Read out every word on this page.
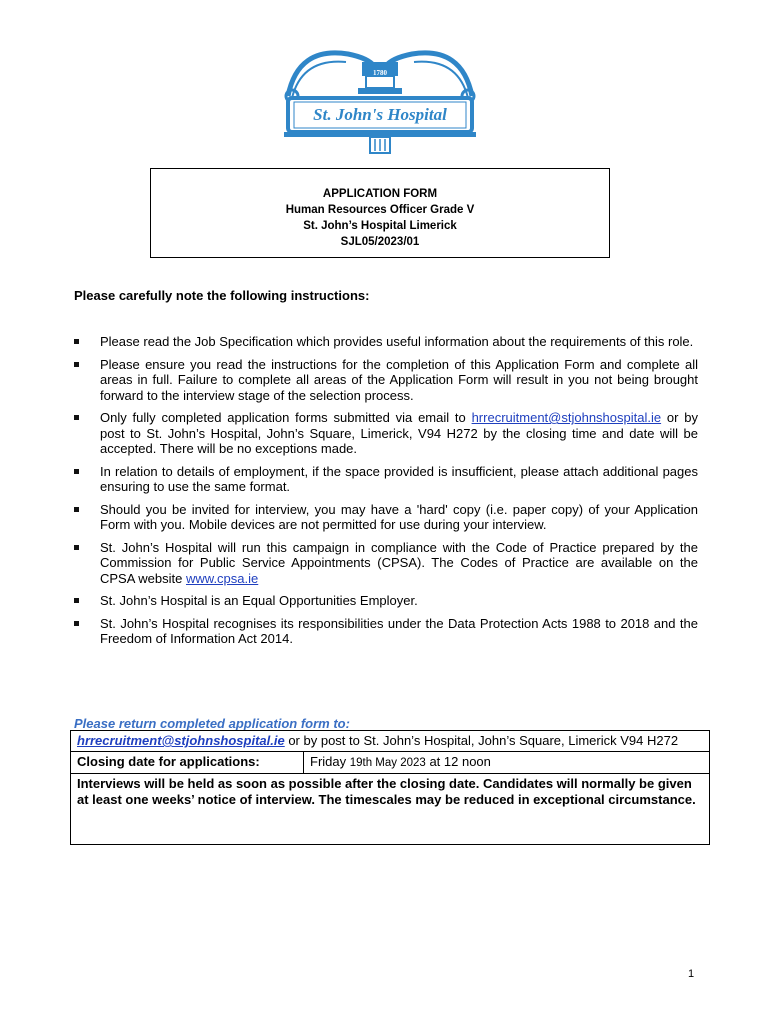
1780
St. John's Hospital
APPLICATION FORM
Human Resources Officer Grade V
St. John’s Hospital Limerick
SJL05/2023/01
Please carefully note the following instructions:
Please read the Job Specification which provides useful information about the requirements of this role.
Please ensure you read the instructions for the completion of this Application Form and complete all areas in full. Failure to complete all areas of the Application Form will result in you not being brought forward to the interview stage of the selection process.
Only fully completed application forms submitted via email to hrrecruitment@stjohnshospital.ie or by post to St. John’s Hospital, John’s Square, Limerick, V94 H272 by the closing time and date will be accepted. There will be no exceptions made.
In relation to details of employment, if the space provided is insufficient, please attach additional pages ensuring to use the same format.
Should you be invited for interview, you may have a 'hard' copy (i.e. paper copy) of your Application Form with you. Mobile devices are not permitted for use during your interview.
St. John’s Hospital will run this campaign in compliance with the Code of Practice prepared by the Commission for Public Service Appointments (CPSA). The Codes of Practice are available on the CPSA website www.cpsa.ie
St. John’s Hospital is an Equal Opportunities Employer.
St. John’s Hospital recognises its responsibilities under the Data Protection Acts 1988 to 2018 and the Freedom of Information Act 2014.
Please return completed application form to:
hrrecruitment@stjohnshospital.ie or by post to St. John’s Hospital, John’s Square, Limerick V94 H272
Closing date for applications:	Friday 19th May 2023 at 12 noon
Interviews will be held as soon as possible after the closing date. Candidates will normally be given at least one weeks’ notice of interview. The timescales may be reduced in exceptional circumstance.
1
